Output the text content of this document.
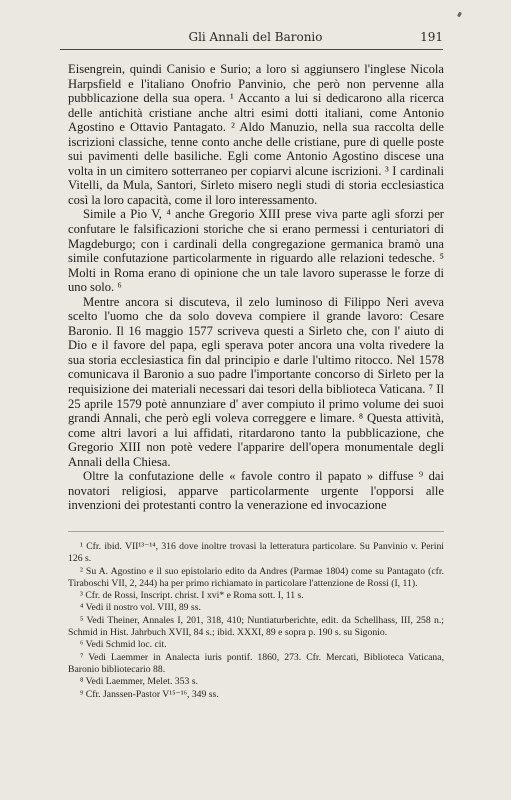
Gli Annali del Baronio	191

Eisengrein, quindi Canisio e Surio; a loro si aggiunsero l'inglese Nicola Harpsfield e l'italiano Onofrio Panvinio, che però non pervenne alla pubblicazione della sua opera. ¹ Accanto a lui si dedicarono alla ricerca delle antichità cristiane anche altri esimi dotti italiani, come Antonio Agostino e Ottavio Pantagato. ² Aldo Manuzio, nella sua raccolta delle iscrizioni classiche, tenne conto anche delle cristiane, pure di quelle poste sui pavimenti delle basiliche. Egli come Antonio Agostino discese una volta in un cimitero sotterraneo per copiarvi alcune iscrizioni. ³ I cardinali Vitelli, da Mula, Santori, Sirleto misero negli studi di storia ecclesiastica così la loro capacità, come il loro interessamento.

Simile a Pio V, ⁴ anche Gregorio XIII prese viva parte agli sforzi per confutare le falsificazioni storiche che si erano permessi i centuriatori di Magdeburgo; con i cardinali della congregazione germanica bramò una simile confutazione particolarmente in riguardo alle relazioni tedesche. ⁵ Molti in Roma erano di opinione che un tale lavoro superasse le forze di uno solo. ⁶

Mentre ancora si discuteva, il zelo luminoso di Filippo Neri aveva scelto l'uomo che da solo doveva compiere il grande lavoro: Cesare Baronio. Il 16 maggio 1577 scriveva questi a Sirleto che, con l' aiuto di Dio e il favore del papa, egli sperava poter ancora una volta rivedere la sua storia ecclesiastica fin dal principio e darle l'ultimo ritocco. Nel 1578 comunicava il Baronio a suo padre l'importante concorso di Sirleto per la requisizione dei materiali necessari dai tesori della biblioteca Vaticana. ⁷ Il 25 aprile 1579 potè annunziare d' aver compiuto il primo volume dei suoi grandi Annali, che però egli voleva correggere e limare. ⁸ Questa attività, come altri lavori a lui affidati, ritardarono tanto la pubblicazione, che Gregorio XIII non potè vedere l'apparire dell'opera monumentale degli Annali della Chiesa.

Oltre la confutazione delle « favole contro il papato » diffuse ⁹ dai novatori religiosi, apparve particolarmente urgente l'opporsi alle invenzioni dei protestanti contro la venerazione ed invocazione

¹ Cfr. ibid. VII¹³⁻¹⁴, 316 dove inoltre trovasi la letteratura particolare. Su Panvinio v. Perini 126 s.

² Su A. Agostino e il suo epistolario edito da Andres (Parmae 1804) come su Pantagato (cfr. Tiraboschi VII, 2, 244) ha per primo richiamato in particolare l'attenzione de Rossi (I, 11).

³ Cfr. de Rossi, Inscript. christ. I xvi* e Roma sott. I, 11 s.

⁴ Vedi il nostro vol. VIII, 89 ss.

⁵ Vedi Theiner, Annales I, 201, 318, 410; Nuntiaturberichte, edit. da Schellhass, III, 258 n.; Schmid in Hist. Jahrbuch XVII, 84 s.; ibid. XXXI, 89 e sopra p. 190 s. su Sigonio.

⁶ Vedi Schmid loc. cit.

⁷ Vedi Laemmer in Analecta iuris pontif. 1860, 273. Cfr. Mercati, Biblioteca Vaticana, Baronio bibliotecario 88.

⁸ Vedi Laemmer, Melet. 353 s.

⁹ Cfr. Janssen-Pastor V¹⁵⁻¹⁶, 349 ss.
